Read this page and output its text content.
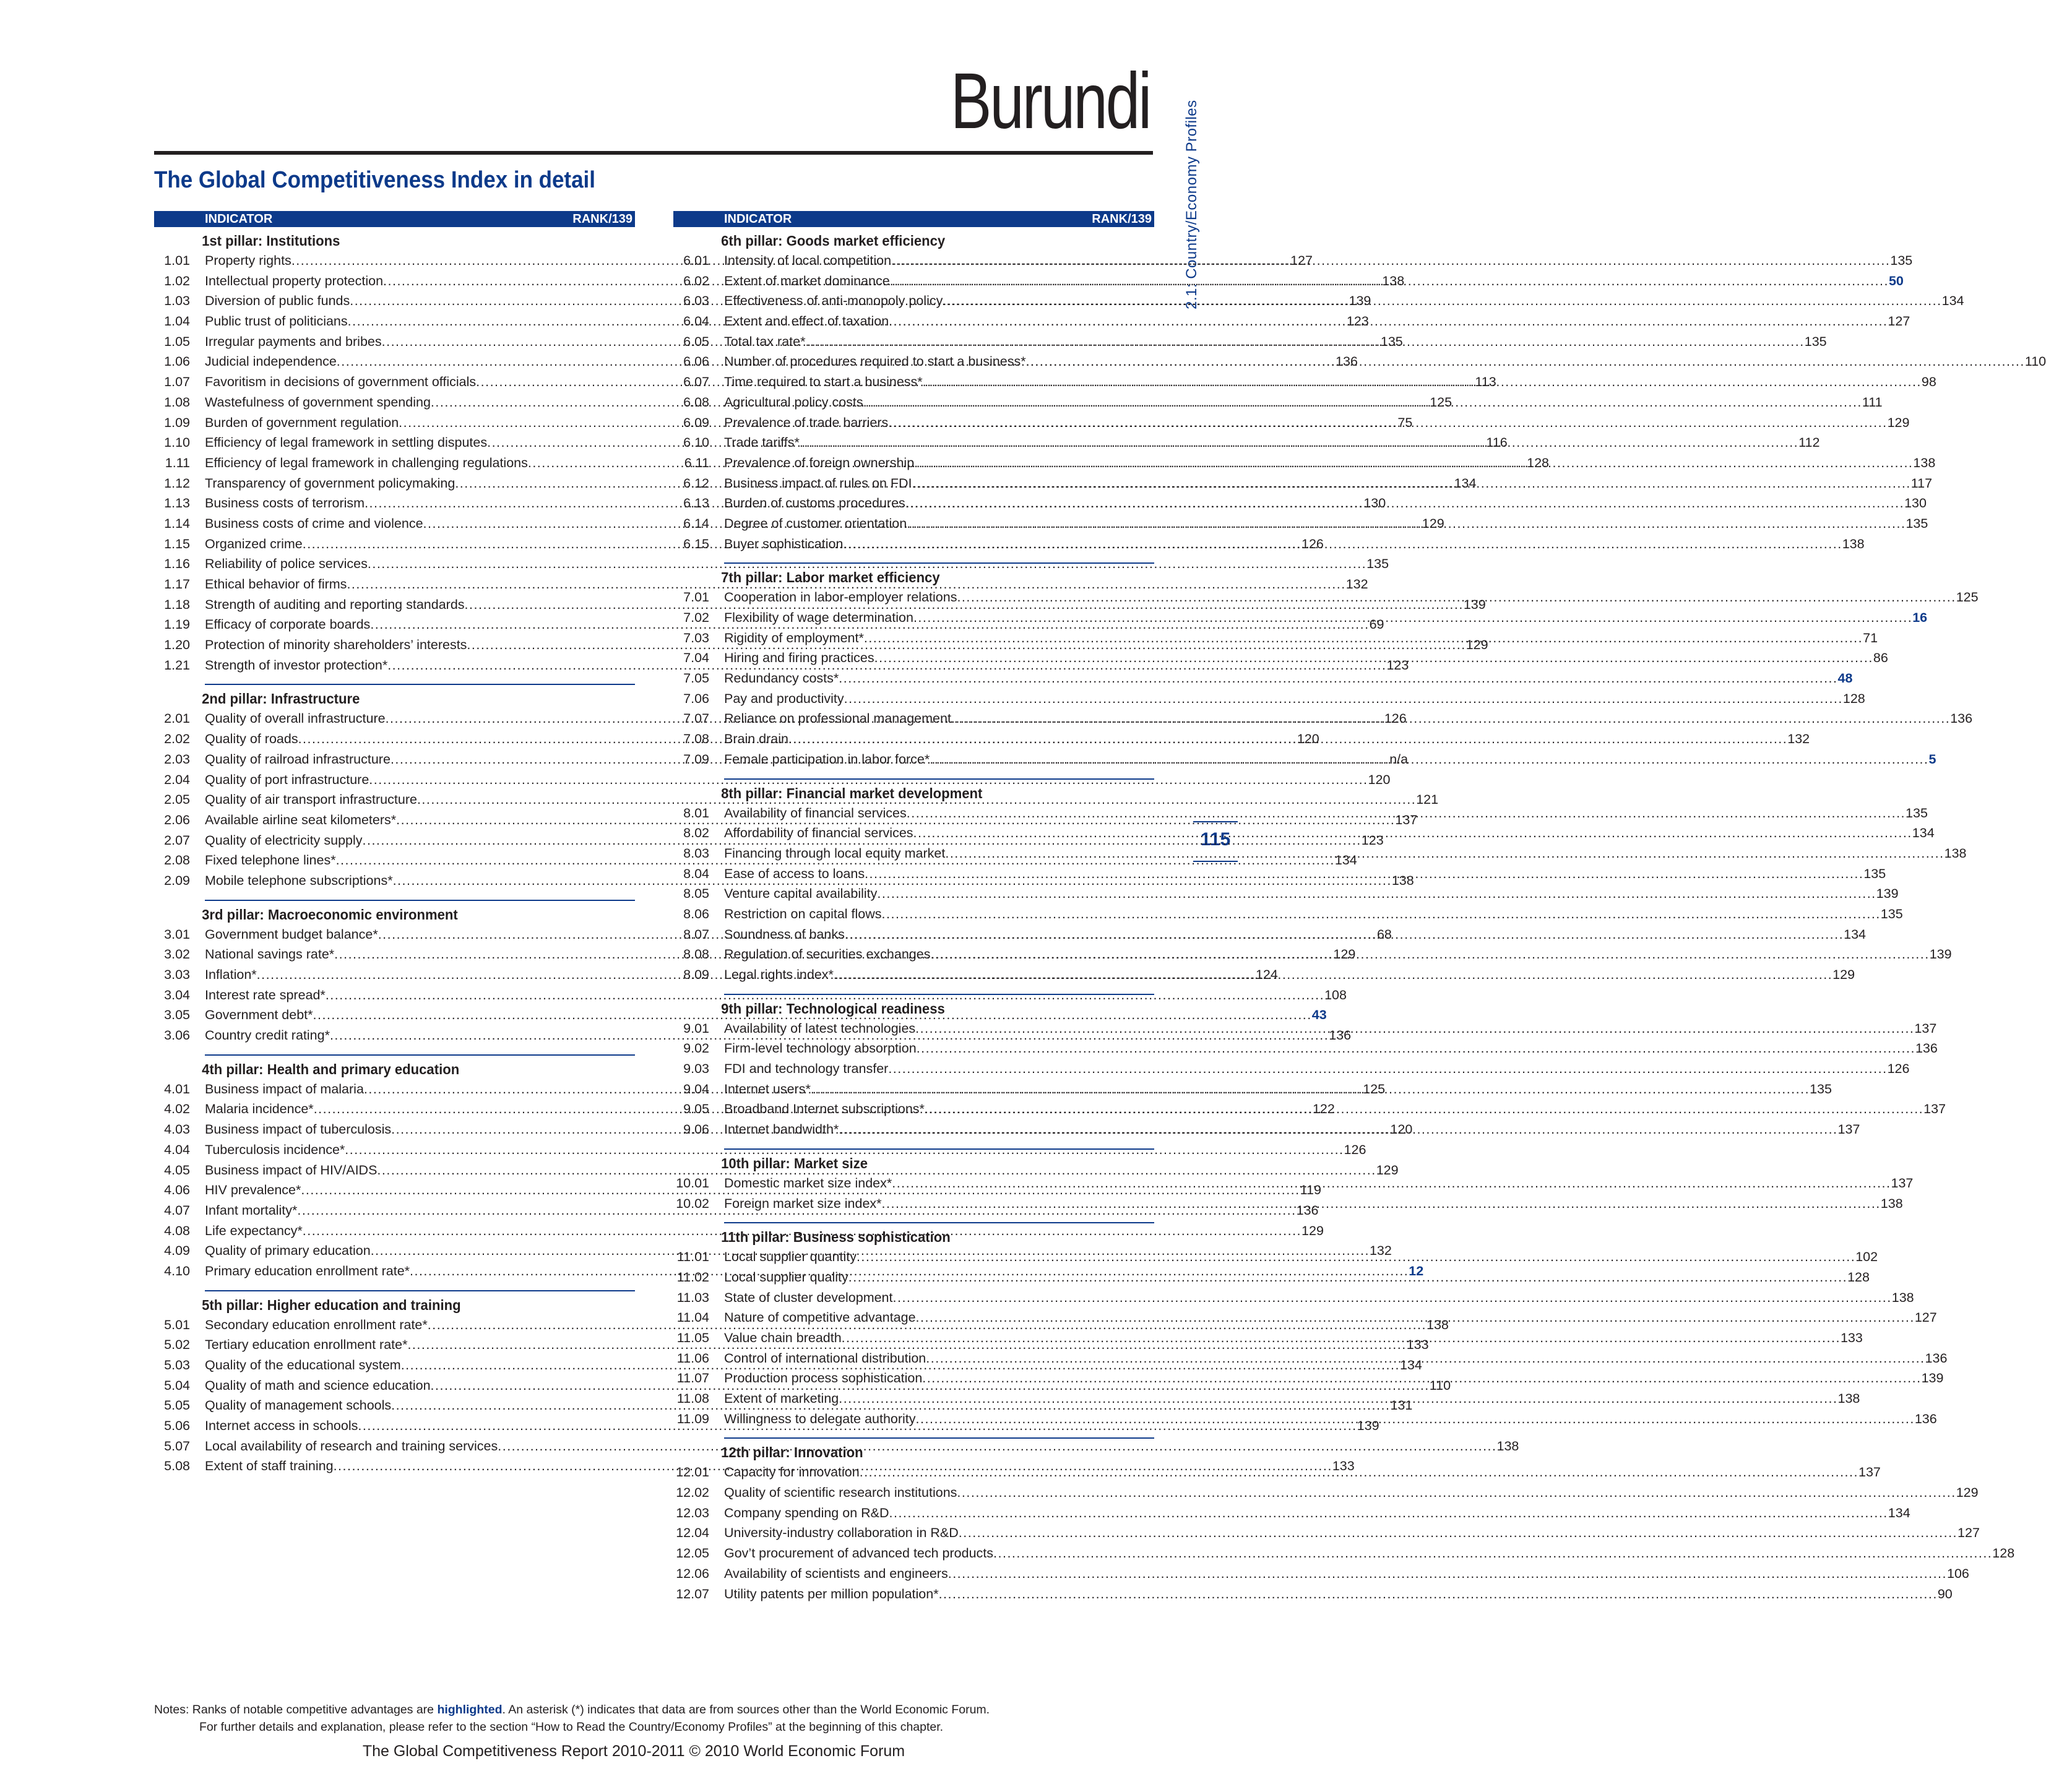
Burundi
The Global Competitiveness Index in detail	2.1: Country/Economy Profiles
115
INDICATOR	RANK/139
1st pillar: Institutions
1.01 Property rights .....	127
1.02 Intellectual property protection .....	138
1.03 Diversion of public funds .....	139
1.04 Public trust of politicians .....	123
1.05 Irregular payments and bribes .....	135
1.06 Judicial independence .....	136
1.07 Favoritism in decisions of government officials .....	113
1.08 Wastefulness of government spending .....	125
1.09 Burden of government regulation .....	75
1.10 Efficiency of legal framework in settling disputes .....	116
1.11 Efficiency of legal framework in challenging regulations .....	128
1.12 Transparency of government policymaking .....	134
1.13 Business costs of terrorism .....	130
1.14 Business costs of crime and violence .....	129
1.15 Organized crime .....	126
1.16 Reliability of police services .....	135
1.17 Ethical behavior of firms .....	132
1.18 Strength of auditing and reporting standards .....	139
1.19 Efficacy of corporate boards .....	69
1.20 Protection of minority shareholders’ interests .....	129
1.21 Strength of investor protection* .....	123
2nd pillar: Infrastructure
2.01 Quality of overall infrastructure .....	126
2.02 Quality of roads .....	120
2.03 Quality of railroad infrastructure .....	n/a
2.04 Quality of port infrastructure .....	120
2.05 Quality of air transport infrastructure .....	121
2.06 Available airline seat kilometers* .....	137
2.07 Quality of electricity supply .....	123
2.08 Fixed telephone lines* .....	134
2.09 Mobile telephone subscriptions* .....	138
3rd pillar: Macroeconomic environment
3.01 Government budget balance* .....	68
3.02 National savings rate* .....	129
3.03 Inflation* .....	124
3.04 Interest rate spread* .....	108
3.05 Government debt* .....	43
3.06 Country credit rating* .....	136
4th pillar: Health and primary education
4.01 Business impact of malaria .....	125
4.02 Malaria incidence* .....	122
4.03 Business impact of tuberculosis .....	120
4.04 Tuberculosis incidence* .....	126
4.05 Business impact of HIV/AIDS .....	129
4.06 HIV prevalence* .....	119
4.07 Infant mortality* .....	136
4.08 Life expectancy* .....	129
4.09 Quality of primary education .....	132
4.10 Primary education enrollment rate* .....	12
5th pillar: Higher education and training
5.01 Secondary education enrollment rate* .....	138
5.02 Tertiary education enrollment rate* .....	133
5.03 Quality of the educational system .....	134
5.04 Quality of math and science education .....	110
5.05 Quality of management schools .....	131
5.06 Internet access in schools .....	139
5.07 Local availability of research and training services .....	138
5.08 Extent of staff training .....	133
INDICATOR	RANK/139
6th pillar: Goods market efficiency
6.01 Intensity of local competition .....	135
6.02 Extent of market dominance .....	50
6.03 Effectiveness of anti-monopoly policy .....	134
6.04 Extent and effect of taxation .....	127
6.05 Total tax rate* .....	135
6.06 Number of procedures required to start a business* .....	110
6.07 Time required to start a business* .....	98
6.08 Agricultural policy costs .....	111
6.09 Prevalence of trade barriers .....	129
6.10 Trade tariffs* .....	112
6.11 Prevalence of foreign ownership .....	138
6.12 Business impact of rules on FDI .....	117
6.13 Burden of customs procedures .....	130
6.14 Degree of customer orientation .....	135
6.15 Buyer sophistication .....	138
7th pillar: Labor market efficiency
7.01 Cooperation in labor-employer relations .....	125
7.02 Flexibility of wage determination .....	16
7.03 Rigidity of employment* .....	71
7.04 Hiring and firing practices .....	86
7.05 Redundancy costs* .....	48
7.06 Pay and productivity .....	128
7.07 Reliance on professional management .....	136
7.08 Brain drain .....	132
7.09 Female participation in labor force* .....	5
8th pillar: Financial market development
8.01 Availability of financial services .....	135
8.02 Affordability of financial services .....	134
8.03 Financing through local equity market .....	138
8.04 Ease of access to loans .....	135
8.05 Venture capital availability .....	139
8.06 Restriction on capital flows .....	135
8.07 Soundness of banks .....	134
8.08 Regulation of securities exchanges .....	139
8.09 Legal rights index* .....	129
9th pillar: Technological readiness
9.01 Availability of latest technologies .....	137
9.02 Firm-level technology absorption .....	136
9.03 FDI and technology transfer .....	126
9.04 Internet users* .....	135
9.05 Broadband Internet subscriptions* .....	137
9.06 Internet bandwidth* .....	137
10th pillar: Market size
10.01 Domestic market size index* .....	137
10.02 Foreign market size index* .....	138
11th pillar: Business sophistication
11.01 Local supplier quantity .....	102
11.02 Local supplier quality .....	128
11.03 State of cluster development .....	138
11.04 Nature of competitive advantage .....	127
11.05 Value chain breadth .....	133
11.06 Control of international distribution .....	136
11.07 Production process sophistication .....	139
11.08 Extent of marketing .....	138
11.09 Willingness to delegate authority .....	136
12th pillar: Innovation
12.01 Capacity for innovation .....	137
12.02 Quality of scientific research institutions .....	129
12.03 Company spending on R&D .....	134
12.04 University-industry collaboration in R&D .....	127
12.05 Gov’t procurement of advanced tech products .....	128
12.06 Availability of scientists and engineers .....	106
12.07 Utility patents per million population* .....	90
Notes: Ranks of notable competitive advantages are highlighted. An asterisk (*) indicates that data are from sources other than the World Economic Forum.
For further details and explanation, please refer to the section “How to Read the Country/Economy Profiles” at the beginning of this chapter.
The Global Competitiveness Report 2010-2011 © 2010 World Economic Forum
